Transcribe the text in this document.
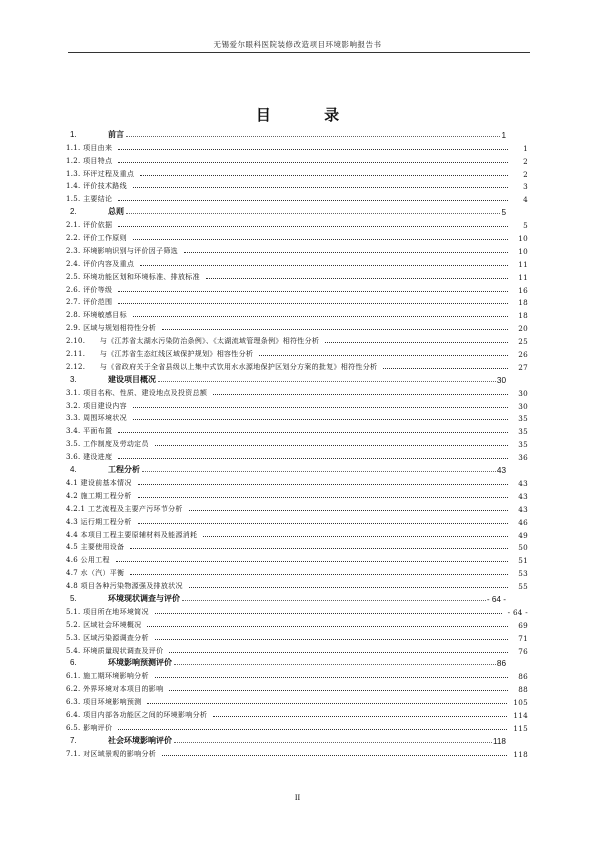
无锡爱尔眼科医院装修改造项目环境影响报告书
目 录
1.	前言	1
1.1. 项目由来	1
1.2. 项目特点	2
1.3. 环评过程及重点	2
1.4. 评价技术路线	3
1.5. 主要结论	4
2.	总则	5
2.1. 评价依据	5
2.2. 评价工作原则	10
2.3. 环境影响识别与评价因子筛选	10
2.4. 评价内容及重点	11
2.5. 环境功能区划和环境标准、排放标准	11
2.6. 评价等级	16
2.7. 评价范围	18
2.8. 环境敏感目标	18
2.9. 区域与规划相符性分析	20
2.10.　　与《江苏省太湖水污染防治条例》、《太湖流域管理条例》相符性分析	25
2.11.　　与《江苏省生态红线区域保护规划》相容性分析	26
2.12.　　与《省政府关于全省县级以上集中式饮用水水源地保护区划分方案的批复》相符性分析	27
3.	建设项目概况	30
3.1. 项目名称、性质、建设地点及投资总额	30
3.2. 项目建设内容	30
3.3. 周围环境状况	35
3.4. 平面布置	35
3.5. 工作制度及劳动定员	35
3.6. 建设进度	36
4.	工程分析	43
4.1 建设前基本情况	43
4.2 施工期工程分析	43
4.2.1 工艺流程及主要产污环节分析	43
4.3 运行期工程分析	46
4.4 本项目工程主要原辅材料及能源消耗	49
4.5 主要使用设备	50
4.6 公用工程	51
4.7 水（汽）平衡	53
4.8 项目各种污染物源强及排放状况	55
5.	环境现状调查与评价	- 64 -
5.1. 项目所在地环境简况	- 64 -
5.2. 区域社会环境概况	69
5.3. 区域污染源调查分析	71
5.4. 环境质量现状调查及评价	76
6.	环境影响预测评价	86
6.1. 施工期环境影响分析	86
6.2. 外界环境对本项目的影响	88
6.3. 项目环境影响预测	105
6.4. 项目内部各功能区之间的环境影响分析	114
6.5. 影响评价	115
7.	社会环境影响评价	118
7.1. 对区域景观的影响分析	118
II
